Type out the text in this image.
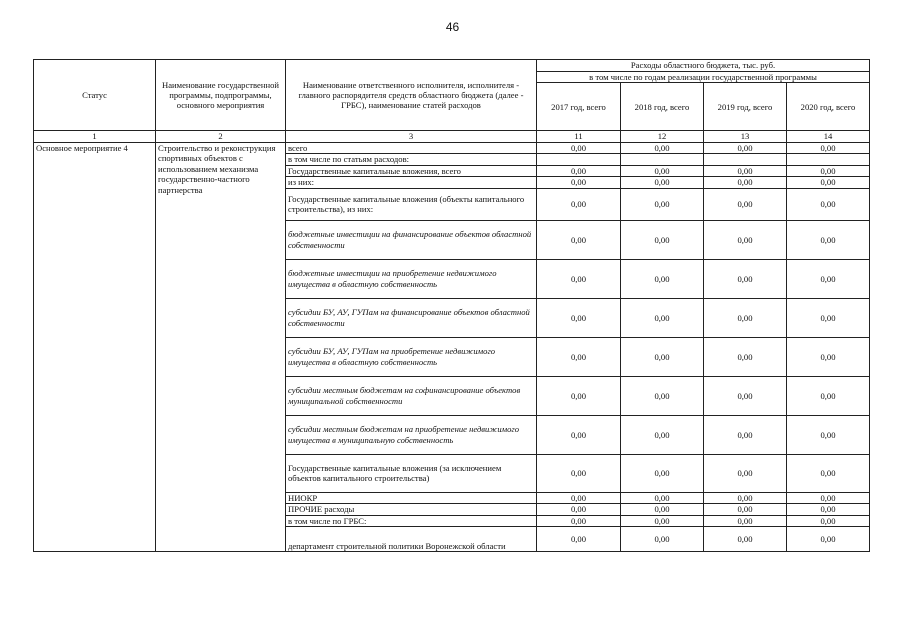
46
Статус	Наименование государственной программы, подпрограммы, основного мероприятия	Наименование ответственного исполнителя, исполнителя - главного распорядителя средств областного бюджета (далее - ГРБС), наименование статей расходов	Расходы областного бюджета, тыс. руб.			
			в том числе по годам реализации государственной программы			
			2017 год, всего	2018 год, всего	2019 год, всего	2020 год, всего
1	2	3	11	12	13	14
Основное мероприятие 4	Строительство и реконструкция спортивных объектов с использованием механизма государственно-частного партнерства	всего	0,00	0,00	0,00	0,00
		в том числе по статьям расходов:				
		Государственные капитальные вложения, всего	0,00	0,00	0,00	0,00
		из них:	0,00	0,00	0,00	0,00
		Государственные капитальные вложения (объекты капитального строительства), из них:	0,00	0,00	0,00	0,00
		бюджетные инвестиции на финансирование объектов областной собственности	0,00	0,00	0,00	0,00
		бюджетные инвестиции на приобретение недвижимого имущества в областную собственность	0,00	0,00	0,00	0,00
		субсидии БУ, АУ, ГУПам на финансирование объектов областной собственности	0,00	0,00	0,00	0,00
		субсидии БУ, АУ, ГУПам на приобретение недвижимого имущества в областную собственность	0,00	0,00	0,00	0,00
		субсидии местным бюджетам на софинансирование объектов муниципальной собственности	0,00	0,00	0,00	0,00
		субсидии местным бюджетам на приобретение недвижимого имущества в муниципальную собственность	0,00	0,00	0,00	0,00
		Государственные капитальные вложения (за исключением объектов капитального строительства)	0,00	0,00	0,00	0,00
		НИОКР	0,00	0,00	0,00	0,00
		ПРОЧИЕ расходы	0,00	0,00	0,00	0,00
		в том числе по ГРБС:	0,00	0,00	0,00	0,00
		департамент строительной политики Воронежской области	0,00	0,00	0,00	0,00
